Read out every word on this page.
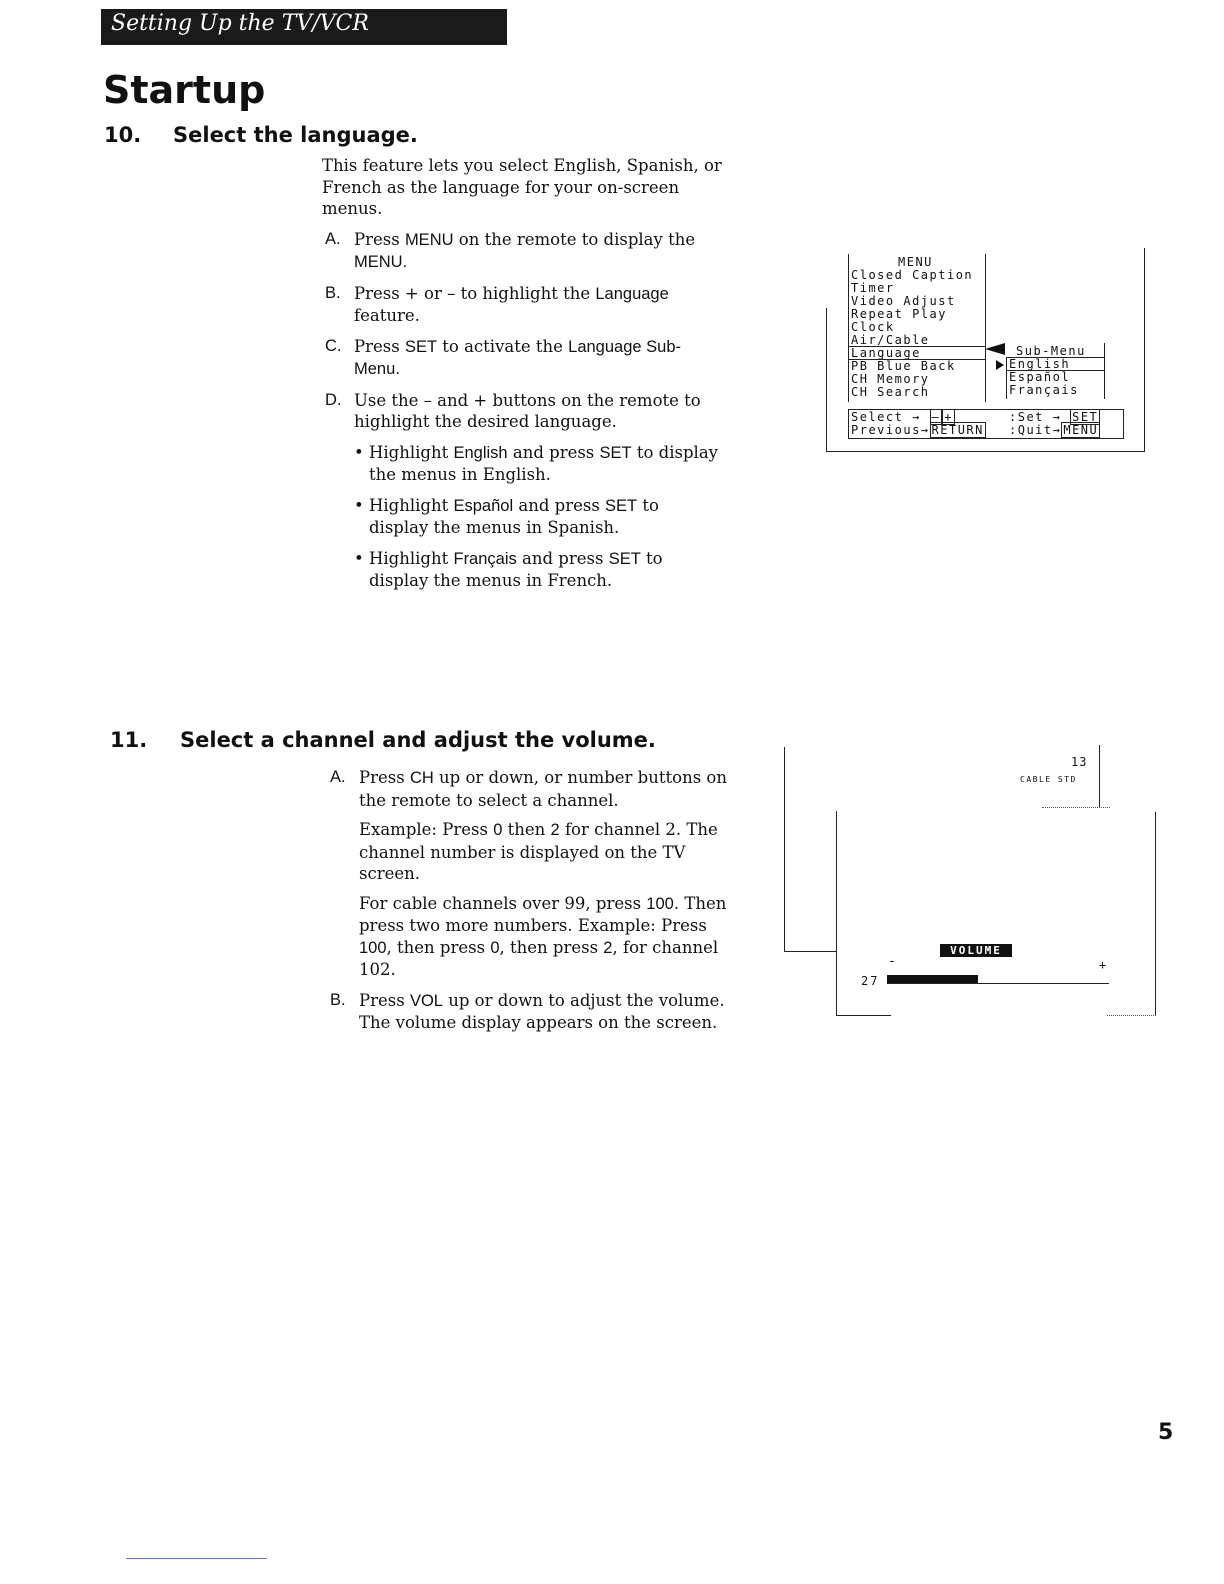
Setting Up the TV/VCR
Startup
10. Select the language.

This feature lets you select English, Spanish, or French as the language for your on-screen menus.

A. Press MENU on the remote to display the MENU.

B. Press + or – to highlight the Language feature.

C. Press SET to activate the Language Sub-Menu.

D. Use the – and + buttons on the remote to highlight the desired language.

• Highlight English and press SET to display the menus in English.

• Highlight Español and press SET to display the menus in Spanish.

• Highlight Français and press SET to display the menus in French.

MENU
Closed Caption
Timer
Video Adjust
Repeat Play
Clock
Air/Cable
Language
PB Blue Back
CH Memory
CH Search
Sub-Menu
English
Español
Français
Select → – +	:Set → SET
Previous→ RETURN :Quit→ MENU
11. Select a channel and adjust the volume.

A. Press CH up or down, or number buttons on the remote to select a channel.

Example: Press 0 then 2 for channel 2. The channel number is displayed on the TV screen.

For cable channels over 99, press 100. Then press two more numbers. Example: Press 100, then press 0, then press 2, for channel 102.

B. Press VOL up or down to adjust the volume. The volume display appears on the screen.

13
CABLE STD
VOLUME
-	+
27
5
